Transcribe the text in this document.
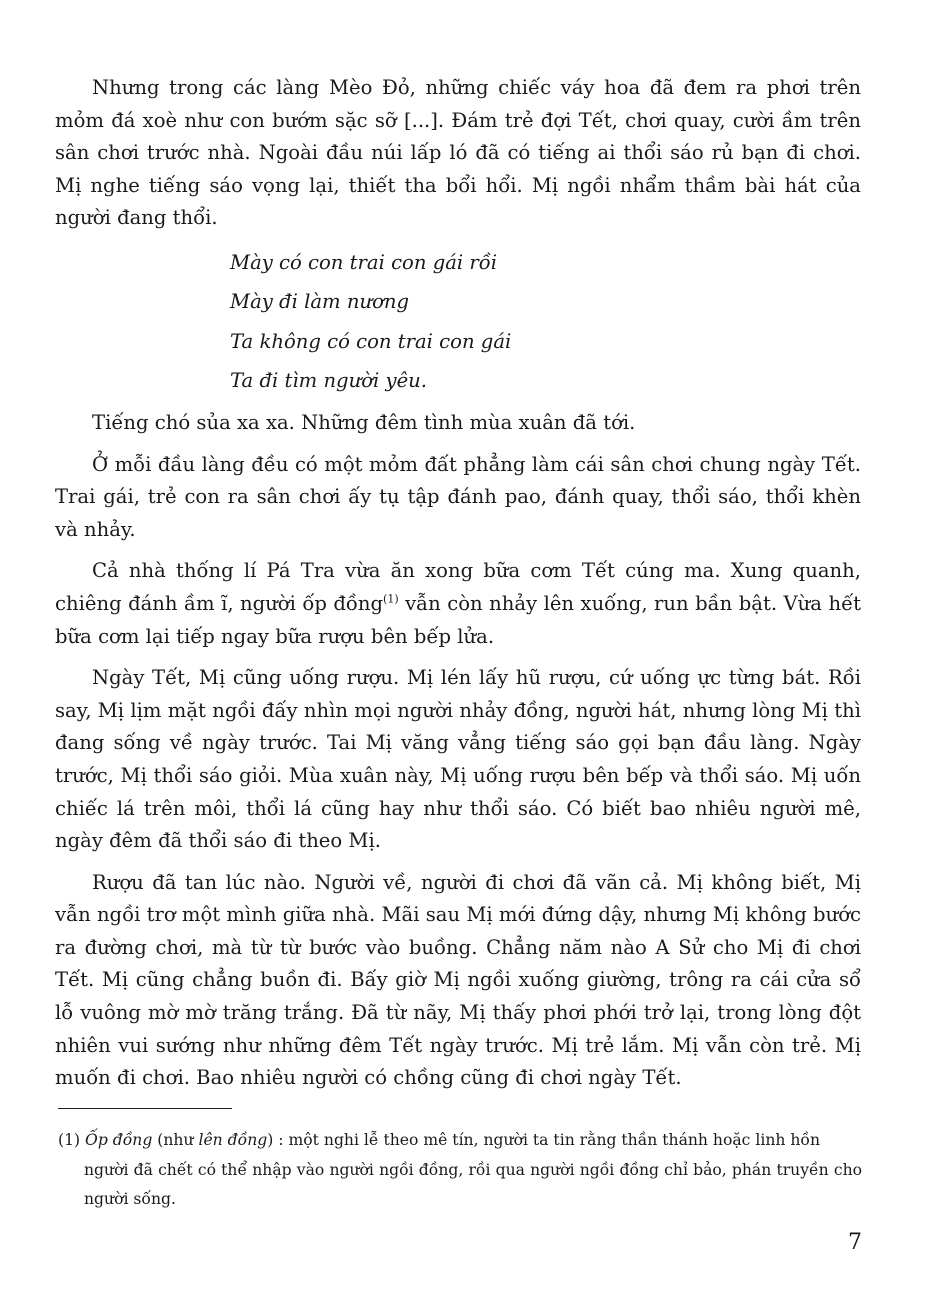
Nhưng trong các làng Mèo Đỏ, những chiếc váy hoa đã đem ra phơi trên mỏm đá xoè như con bướm sặc sỡ [...]. Đám trẻ đợi Tết, chơi quay, cười ầm trên sân chơi trước nhà. Ngoài đầu núi lấp ló đã có tiếng ai thổi sáo rủ bạn đi chơi. Mị nghe tiếng sáo vọng lại, thiết tha bổi hổi. Mị ngồi nhẩm thầm bài hát của người đang thổi.

Mày có con trai con gái rồi
Mày đi làm nương
Ta không có con trai con gái
Ta đi tìm người yêu.

Tiếng chó sủa xa xa. Những đêm tình mùa xuân đã tới.

Ở mỗi đầu làng đều có một mỏm đất phẳng làm cái sân chơi chung ngày Tết. Trai gái, trẻ con ra sân chơi ấy tụ tập đánh pao, đánh quay, thổi sáo, thổi khèn và nhảy.

Cả nhà thống lí Pá Tra vừa ăn xong bữa cơm Tết cúng ma. Xung quanh, chiêng đánh ầm ĩ, người ốp đồng$^{(1)}$ vẫn còn nhảy lên xuống, run bần bật. Vừa hết bữa cơm lại tiếp ngay bữa rượu bên bếp lửa.

Ngày Tết, Mị cũng uống rượu. Mị lén lấy hũ rượu, cứ uống ực từng bát. Rồi say, Mị lịm mặt ngồi đấy nhìn mọi người nhảy đồng, người hát, nhưng lòng Mị thì đang sống về ngày trước. Tai Mị văng vẳng tiếng sáo gọi bạn đầu làng. Ngày trước, Mị thổi sáo giỏi. Mùa xuân này, Mị uống rượu bên bếp và thổi sáo. Mị uốn chiếc lá trên môi, thổi lá cũng hay như thổi sáo. Có biết bao nhiêu người mê, ngày đêm đã thổi sáo đi theo Mị.

Rượu đã tan lúc nào. Người về, người đi chơi đã vãn cả. Mị không biết, Mị vẫn ngồi trơ một mình giữa nhà. Mãi sau Mị mới đứng dậy, nhưng Mị không bước ra đường chơi, mà từ từ bước vào buồng. Chẳng năm nào A Sử cho Mị đi chơi Tết. Mị cũng chẳng buồn đi. Bấy giờ Mị ngồi xuống giường, trông ra cái cửa sổ lỗ vuông mờ mờ trăng trắng. Đã từ nãy, Mị thấy phơi phới trở lại, trong lòng đột nhiên vui sướng như những đêm Tết ngày trước. Mị trẻ lắm. Mị vẫn còn trẻ. Mị muốn đi chơi. Bao nhiêu người có chồng cũng đi chơi ngày Tết.

(1) Ốp đồng (như lên đồng) : một nghi lễ theo mê tín, người ta tin rằng thần thánh hoặc linh hồn
người đã chết có thể nhập vào người ngồi đồng, rồi qua người ngồi đồng chỉ bảo, phán truyền cho người sống.
7
